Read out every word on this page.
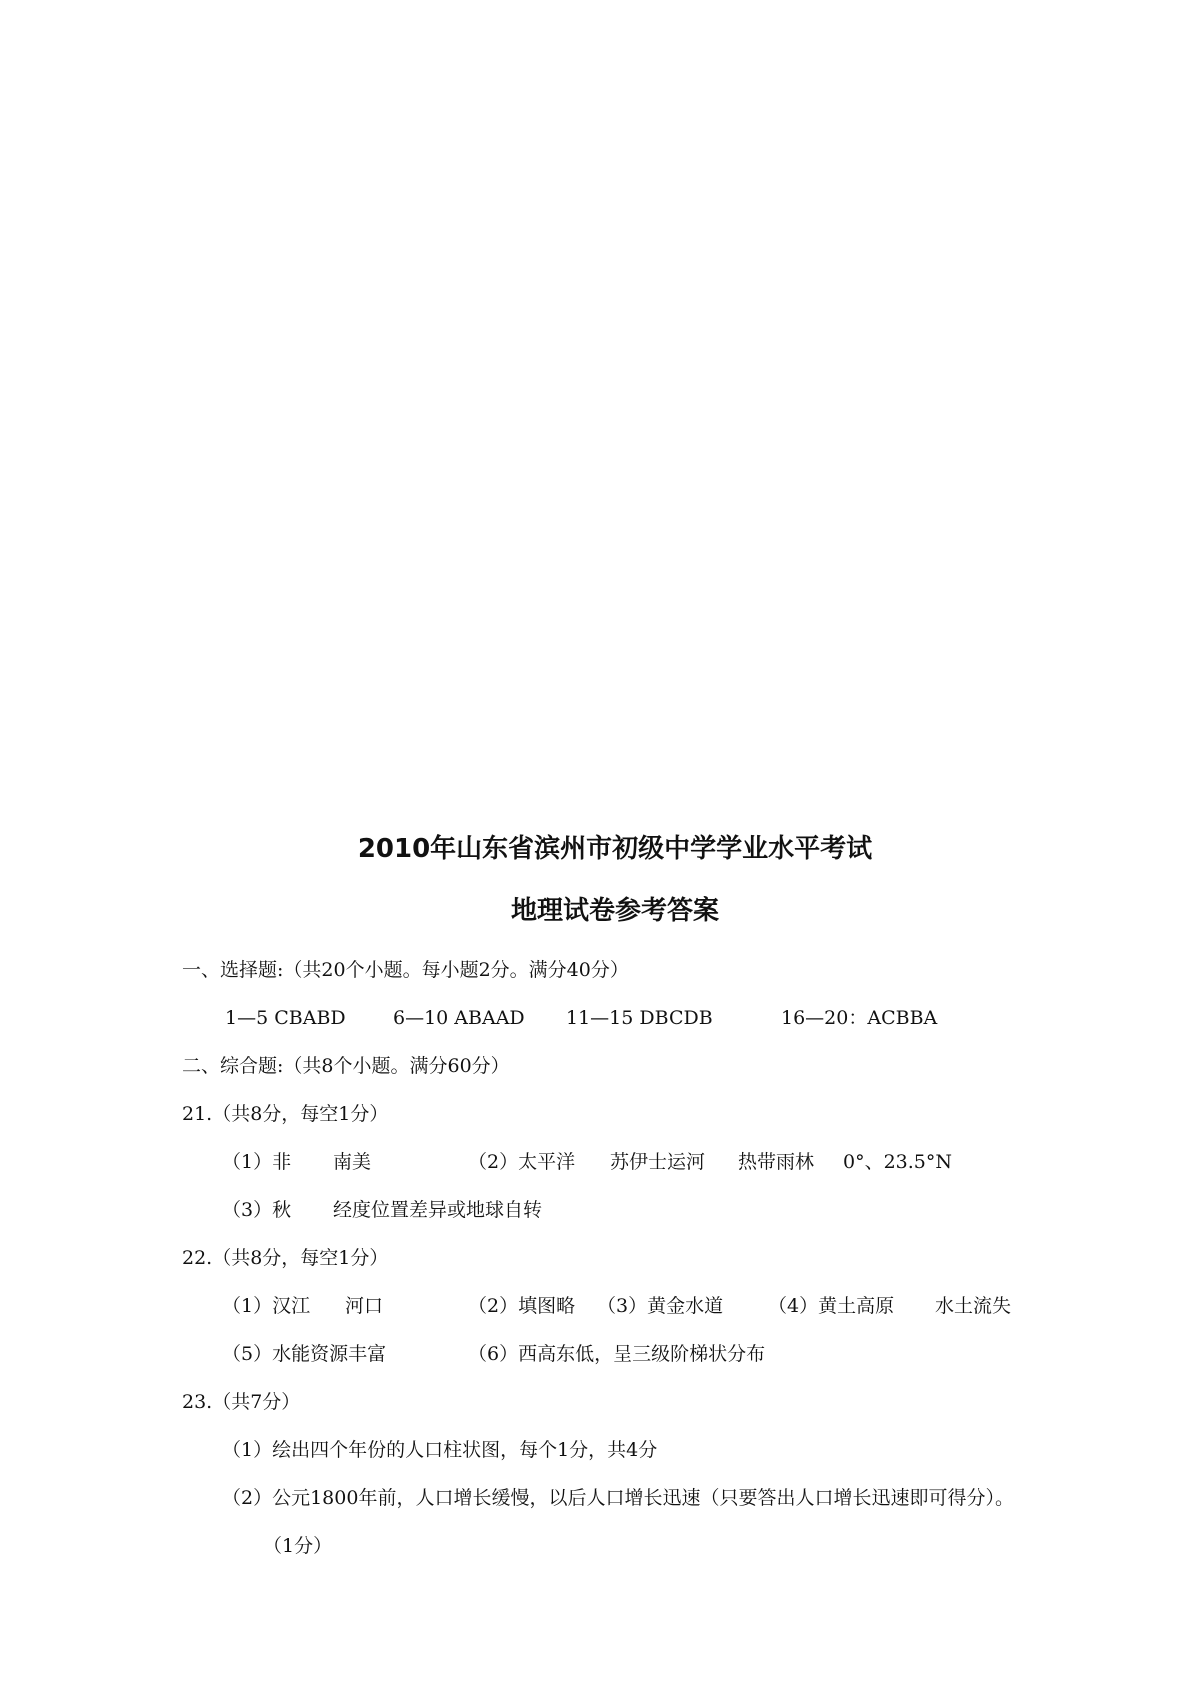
2010年山东省滨州市初级中学学业水平考试
地理试卷参考答案
一、选择题:（共20个小题。每小题2分。满分40分）
1—5 CBABD 6—10 ABAAD 11—15 DBCDB	16—20：ACBBA
二、综合题:（共8个小题。满分60分）
21.（共8分，每空1分）
（1）非 南美	（2）太平洋 苏伊士运河 热带雨林 0°、23.5°N
（3）秋 经度位置差异或地球自转
22.（共8分，每空1分）
（1）汉江 河口	（2）填图略 （3）黄金水道 （4）黄土高原 水土流失
（5）水能资源丰富	（6）西高东低，呈三级阶梯状分布
23.（共7分）
（1）绘出四个年份的人口柱状图，每个1分，共4分
（2）公元1800年前，人口增长缓慢，以后人口增长迅速（只要答出人口增长迅速即可得分）。
（1分）
